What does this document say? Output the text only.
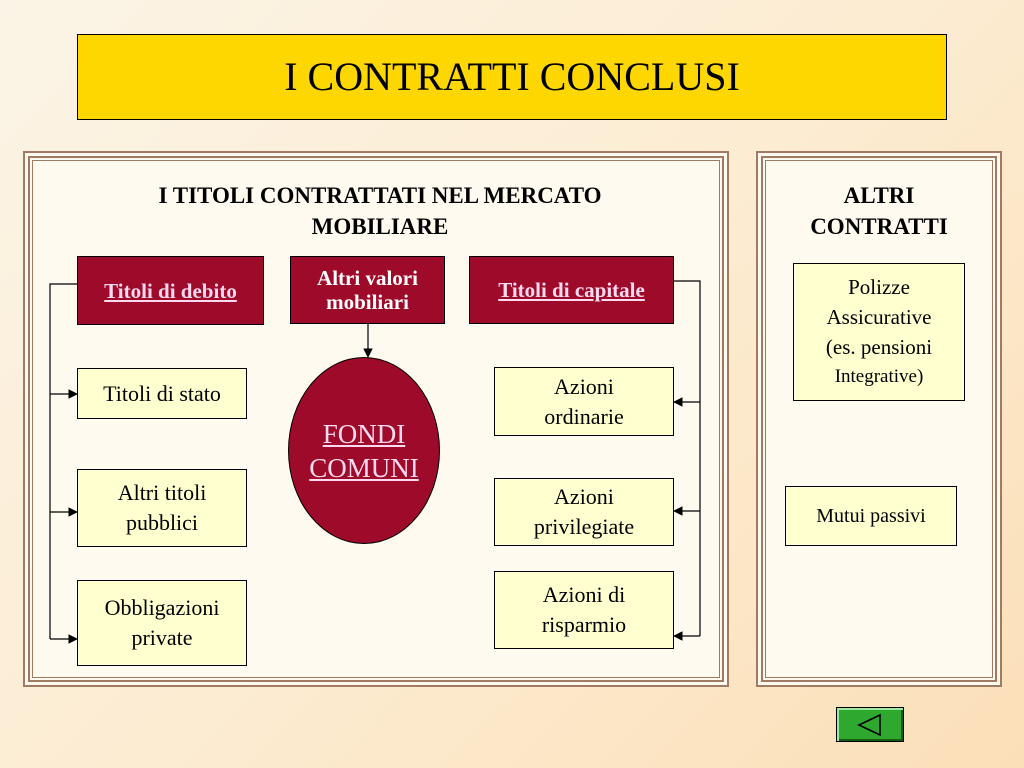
I CONTRATTI CONCLUSI
I TITOLI CONTRATTATI NEL MERCATO
MOBILIARE
ALTRI
CONTRATTI
Titoli di debito
Altri valori
mobiliari	Titoli di capitale
Titoli di stato
Altri titoli
pubblici
Obbligazioni
private
FONDI
COMUNI
Azioni
ordinarie
Azioni
privilegiate
Azioni di
risparmio
Polizze
Assicurative
(es. pensioni
Integrative)
Mutui passivi
